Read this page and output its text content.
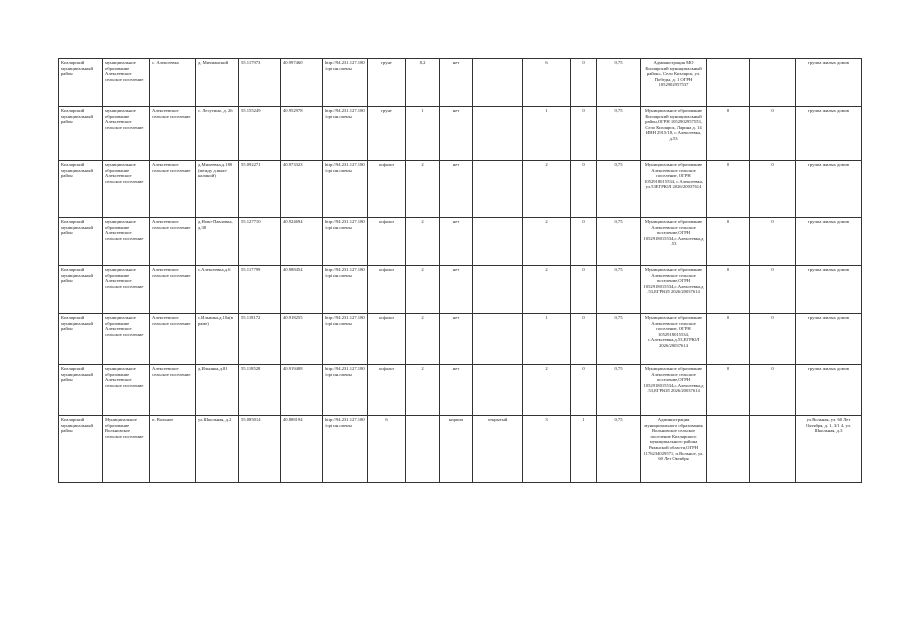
Кизлярский муниципальный район	муниципальное образование Алексеевское сельское поселение	с. Алексеевка	д. Мичманский	55.117973	40.997460	http://94.231.127.180/opt ин.опены	грунт	8,2	нет		6	0	0,75	Администрация МО Кизлярский муниципальный район», Село Кизлярск, ул. Победы, д. 1 ОГРН 1052902957537			группа жилых домов
Кизлярский муниципальный район	муниципальное образование Алексеевское сельское поселение	Алексеевское сельское поселение	с. Лесутино, д. 26	55.155249	40.952978	http://94.231.127.180/opt ин.опены	грунт	1	нет		1	0	0,75	Муниципальное образование Кизлярский муниципальный район,ОГРН 1052902957553, Село Кизлярск, Ларина д. 14 ИНН 2915/18, с.Алексеевка, д.53	0	0	группа жилых домов
Кизлярский муниципальный район	муниципальное образование Алексеевское сельское поселение	Алексеевское сельское поселение	д.Михеевка,д.180 (между д.вниз-калиной)	55.092271	40.973323	http://94.231.127.180/opt ин.опены	асфальт	2	нет		2	0	0,75	Муниципальное образование Алексеевское сельское поселение, ОГРН 1052918015534, с.Алексеевка, ул.53ЕГРЮЛ 2026/20037614	0	0	группа жилых домов
Кизлярский муниципальный район	муниципальное образование Алексеевское сельское поселение	Алексеевское сельское поселение	д.Ново-Павловка, д.38	55.127710	40.924694	http://94.231.127.180/opt ин.опены	асфальт	2	нет		2	0	0,75	Муниципальное образование Алексеевское сельское поселение,ОГРН 1052918015534,с.Алексеевка,д.53	0	0	группа жилых домов
Кизлярский муниципальный район	муниципальное образование Алексеевское сельское поселение	Алексеевское сельское поселение	с.Алексеевка,д.6	55.117799	40.988454	http://94.231.127.180/opt ин.опены	асфальт	2	нет		2	0	0,75	Муниципальное образование Алексеевское сельское поселение,ОГРН 1052918015534,с.Алексеевка,д.53,ЕГРЮЛ 2026/20037614	0	0	группа жилых домов
Кизлярский муниципальный район	муниципальное образование Алексеевское сельское поселение	Алексеевское сельское поселение	с.Ильинка,д.10а(в раме)	55.118172	40.918255	http://94.231.127.180/opt ин.опены	асфальт	2	нет		1	0	0,75	Муниципальное образование Алексеевское сельское поселение, ОГРН 1052918015534, с.Алексеевка,д.53,ЕГРЮЛ 2026/20037614	0	0	группа жилых домов
Кизлярский муниципальный район	муниципальное образование Алексеевское сельское поселение	Алексеевское сельское поселение	д.Ильинка,д.81	55.118528	40.919408	http://94.231.127.180/opt ин.опены	асфальт	2	нет		2	0	0,75	Муниципальное образование Алексеевское сельское поселение,ОГРН 1052918015534,с.Алексеевка,д.53,ЕГРЮЛ 2026/20037614	0	0	группа жилых домов
Кизлярский муниципальный район	Муниципальное образование Вольновское сельское поселение	п. Вольное	ул.Школьная, д.2	55.085014	40.888194	http://94.231.127.180/opt ин.опены	6		кирпич	открытый	3	1	0,75	Администрация муниципального образования Вольновское сельское поселение Кизлярского муниципального района Рязанской области,ОГРН 1176234029571, п.Вольное, ул. 60 Лет Октября			ул.Вольная, ул. 60 Лет Октября, д. 1, 3/1 4, ул. Школьная, д.3
